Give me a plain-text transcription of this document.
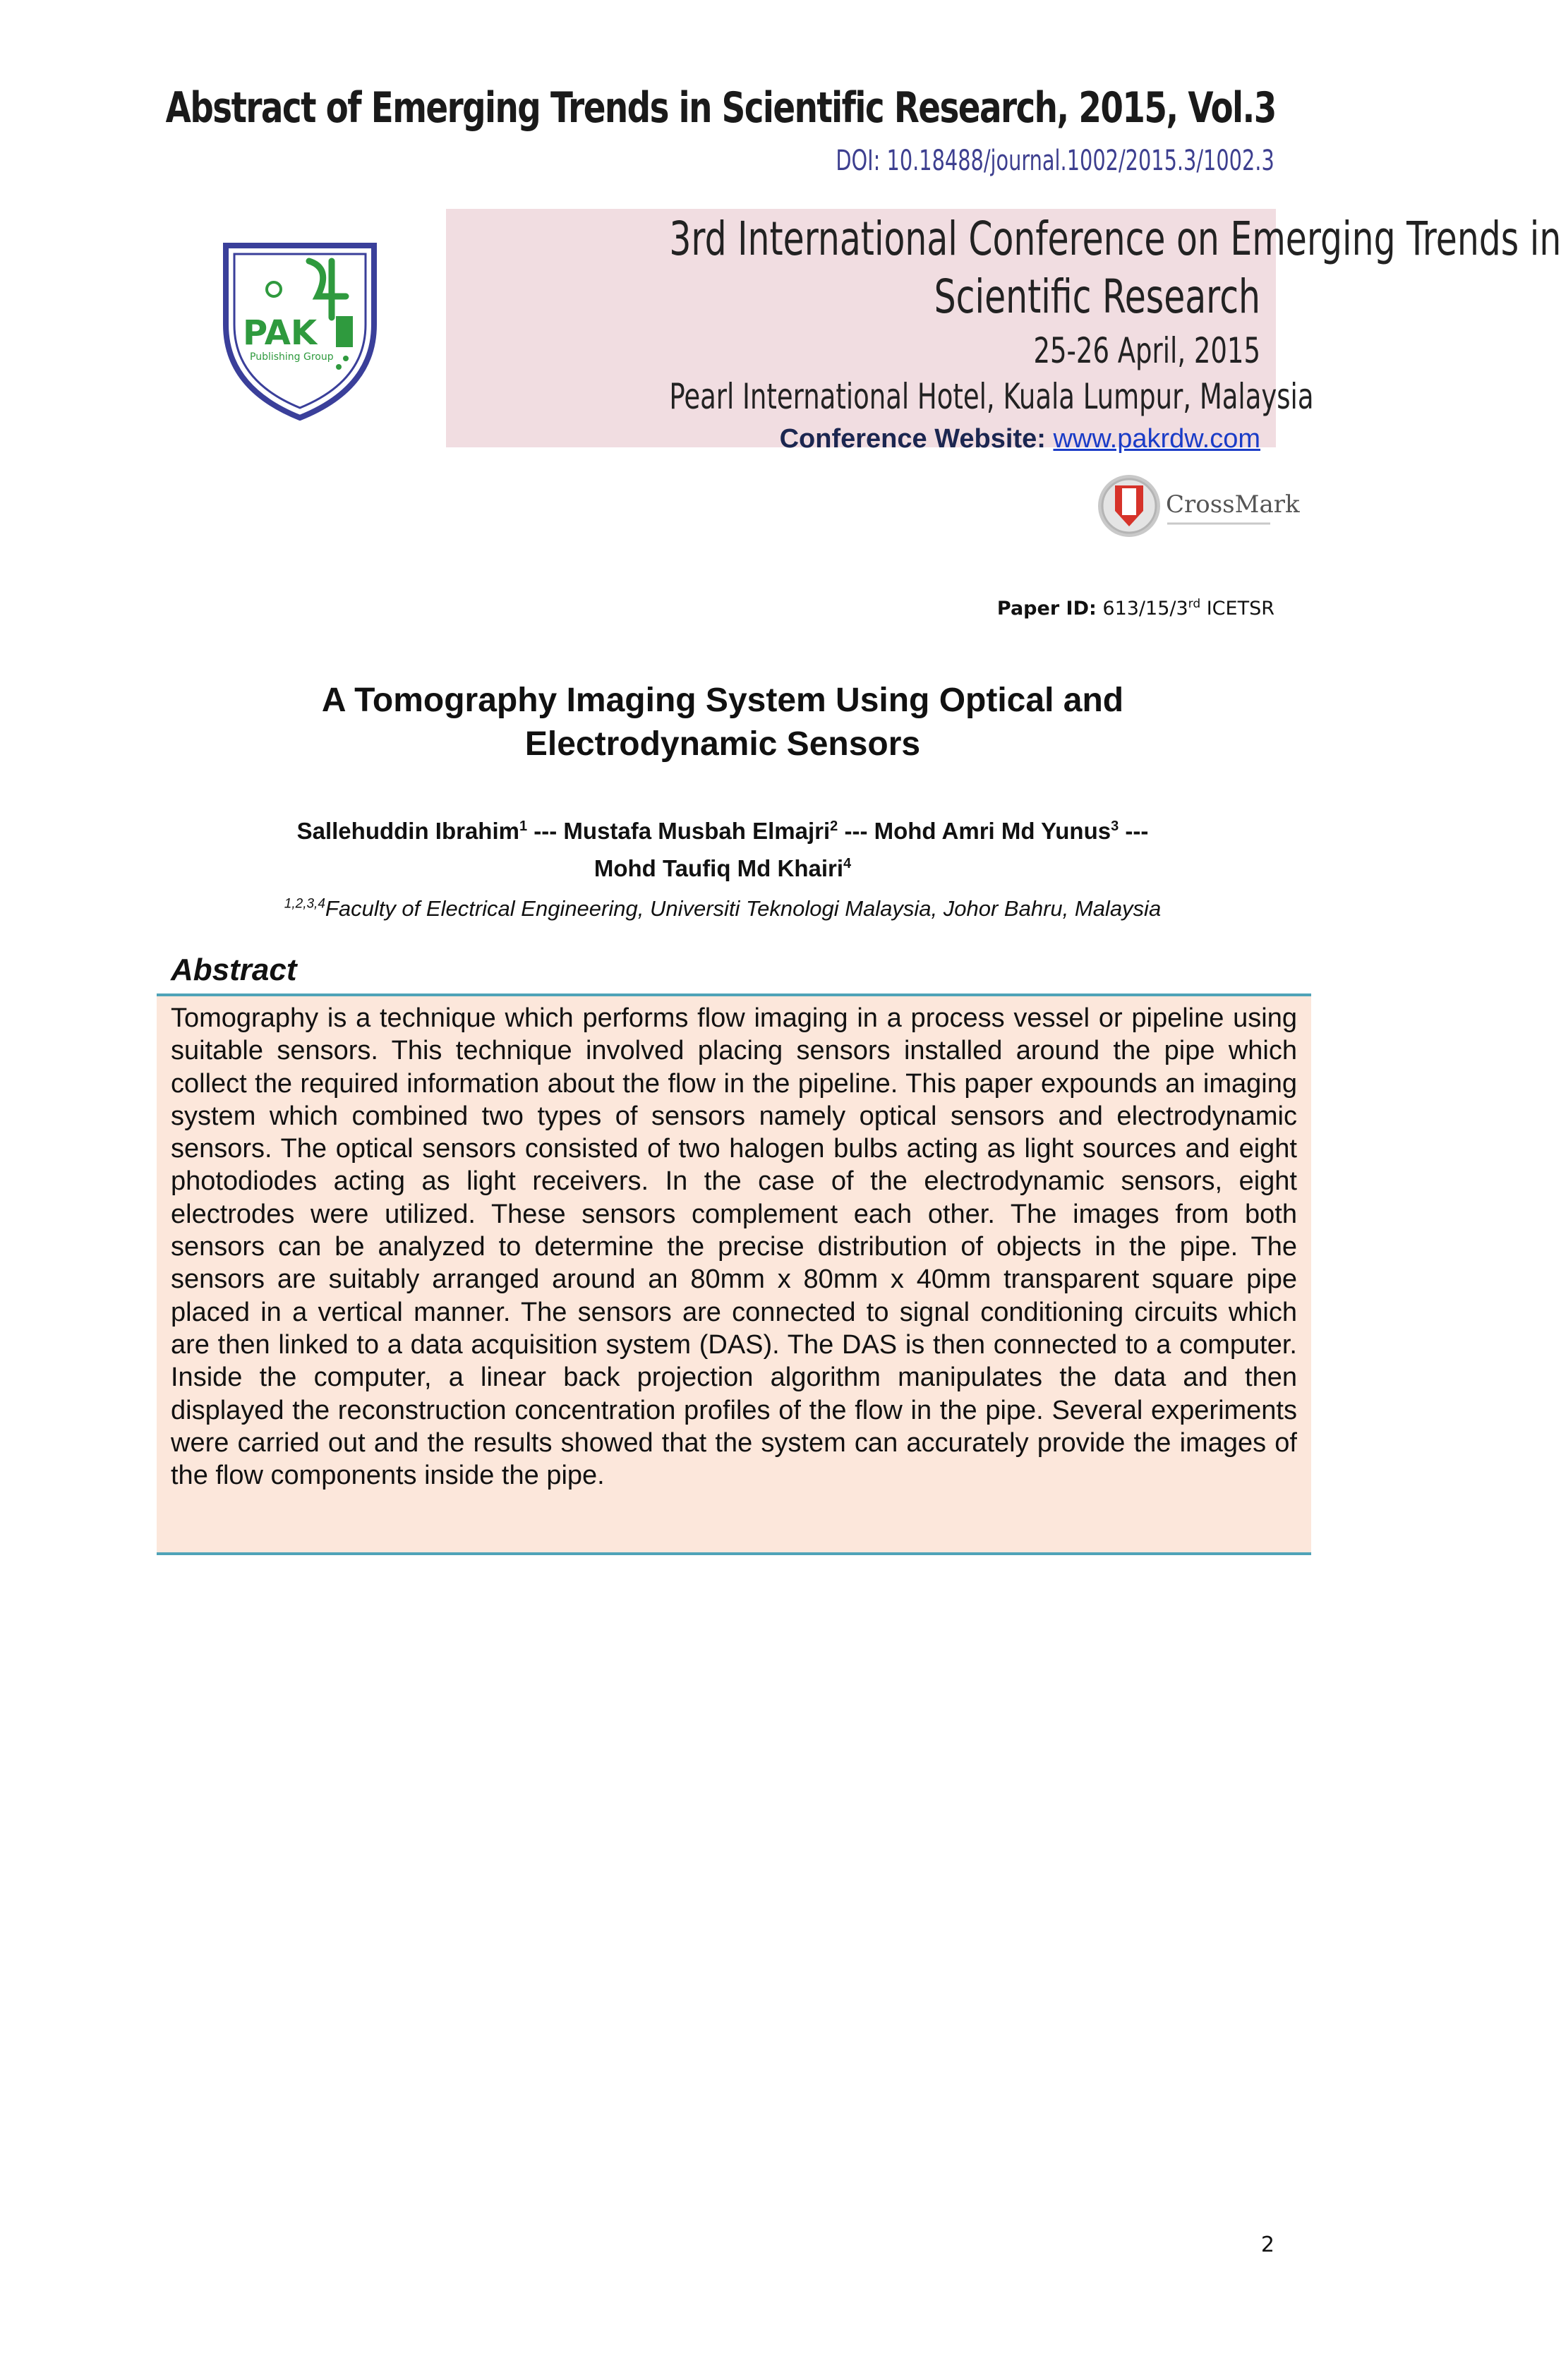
Abstract of Emerging Trends in Scientific Research, 2015, Vol.3
DOI: 10.18488/journal.1002/2015.3/1002.3
PAK
Publishing Group
3rd International Conference on Emerging Trends in
Scientific Research
25-26 April, 2015
Pearl International Hotel, Kuala Lumpur, Malaysia
Conference Website: www.pakrdw.com
CrossMark
Paper ID: 613/15/3rd ICETSR
A Tomography Imaging System Using Optical and
Electrodynamic Sensors
Sallehuddin Ibrahim$^1$ --- Mustafa Musbah Elmajri$^2$ --- Mohd Amri Md Yunus$^3$ ---
Mohd Taufiq Md Khairi$^4$
$^{1,2,3,4}$Faculty of Electrical Engineering, Universiti Teknologi Malaysia, Johor Bahru, Malaysia
Abstract
Tomography is a technique which performs flow imaging in a process vessel or pipeline using suitable sensors. This technique involved placing sensors installed around the pipe which collect the required information about the flow in the pipeline. This paper expounds an imaging system which combined two types of sensors namely optical sensors and electrodynamic sensors. The optical sensors consisted of two halogen bulbs acting as light sources and eight photodiodes acting as light receivers. In the case of the electrodynamic sensors, eight electrodes were utilized. These sensors complement each other. The images from both sensors can be analyzed to determine the precise distribution of objects in the pipe. The sensors are suitably arranged around an 80mm x 80mm x 40mm transparent square pipe placed in a vertical manner. The sensors are connected to signal conditioning circuits which are then linked to a data acquisition system (DAS). The DAS is then connected to a computer. Inside the computer, a linear back projection algorithm manipulates the data and then displayed the reconstruction concentration profiles of the flow in the pipe. Several experiments were carried out and the results showed that the system can accurately provide the images of the flow components inside the pipe.
2
